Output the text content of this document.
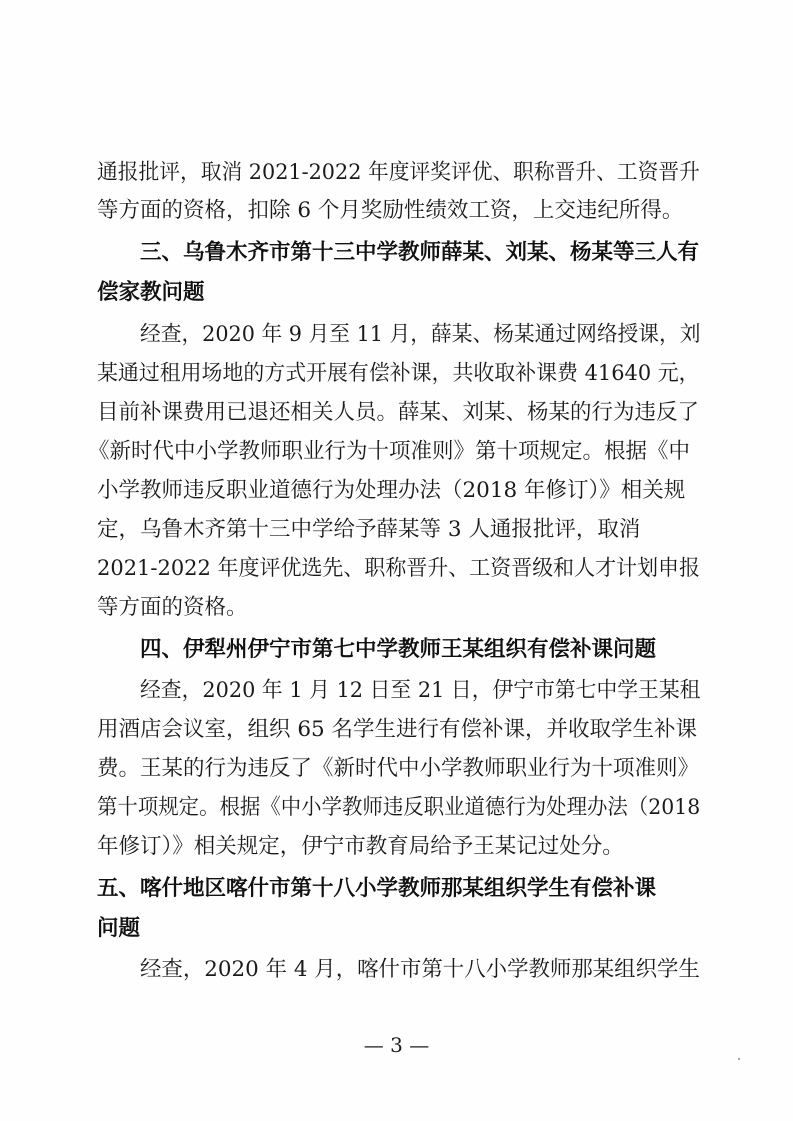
通报批评，取消 2021-2022 年度评奖评优、职称晋升、工资晋升
等方面的资格，扣除 6 个月奖励性绩效工资，上交违纪所得。
三、乌鲁木齐市第十三中学教师薛某、刘某、杨某等三人有
偿家教问题
经查，2020 年 9 月至 11 月，薛某、杨某通过网络授课，刘
某通过租用场地的方式开展有偿补课，共收取补课费 41640 元，
目前补课费用已退还相关人员。薛某、刘某、杨某的行为违反了
《新时代中小学教师职业行为十项准则》第十项规定。根据《中
小学教师违反职业道德行为处理办法（2018 年修订）》相关规
定，乌鲁木齐第十三中学给予薛某等 3 人通报批评，取消
2021-2022 年度评优选先、职称晋升、工资晋级和人才计划申报
等方面的资格。
四、伊犁州伊宁市第七中学教师王某组织有偿补课问题
经查，2020 年 1 月 12 日至 21 日，伊宁市第七中学王某租
用酒店会议室，组织 65 名学生进行有偿补课，并收取学生补课
费。王某的行为违反了《新时代中小学教师职业行为十项准则》
第十项规定。根据《中小学教师违反职业道德行为处理办法（2018
年修订）》相关规定，伊宁市教育局给予王某记过处分。
五、喀什地区喀什市第十八小学教师那某组织学生有偿补课
问题
经查，2020 年 4 月，喀什市第十八小学教师那某组织学生
— 3 —
